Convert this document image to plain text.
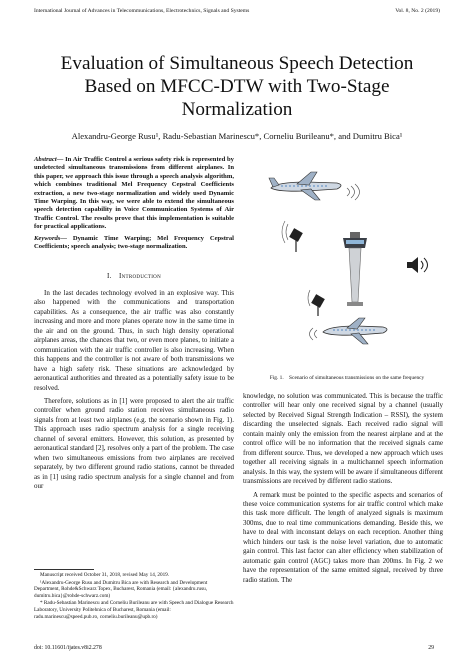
International Journal of Advances in Telecommunications, Electrotechnics, Signals and Systems	Vol. 8, No. 2 (2019)
Evaluation of Simultaneous Speech Detection Based on MFCC-DTW with Two-Stage Normalization
Alexandru-George Rusu¹, Radu-Sebastian Marinescu*, Corneliu Burileanu*, and Dumitru Bica¹
Abstract— In Air Traffic Control a serious safety risk is represented by undetected simultaneous transmissions from different airplanes. In this paper, we approach this issue through a speech analysis algorithm, which combines traditional Mel Frequency Cepstral Coefficients extraction, a new two-stage normalization and widely used Dynamic Time Warping. In this way, we were able to extend the simultaneous speech detection capability in Voice Communication Systems of Air Traffic Control. The results prove that this implementation is suitable for practical applications.
Keywords— Dynamic Time Warping; Mel Frequency Cepstral Coefficients; speech analysis; two-stage normalization.
I. Introduction

In the last decades technology evolved in an explosive way. This also happened with the communications and transportation capabilities. As a consequence, the air traffic was also constantly increasing and more and more planes operate now in the same time in the air and on the ground. Thus, in such high density operational airplanes areas, the chances that two, or even more planes, to initiate a communication with the air traffic controller is also increasing. When this happens and the controller is not aware of both transmissions we have a high safety risk. These situations are acknowledged by aeronautical authorities and threated as a potentially safety issue to be resolved.

Therefore, solutions as in [1] were proposed to alert the air traffic controller when ground radio station receives simultaneous radio signals from at least two airplanes (e.g. the scenario shown in Fig. 1). This approach uses radio spectrum analysis for a single receiving channel of several emitters. However, this solution, as presented by aeronautical standard [2], resolves only a part of the problem. The case when two simultaneous emissions from two airplanes are received separately, by two different ground radio stations, cannot be threaded as in [1] using radio spectrum analysis for a single channel and from our

Manuscript received October 31, 2018, revised May 14, 2019.

¹Alexandru-George Rusu and Dumitru Bica are with Research and Development Department, Rohde&Schwarz Topex, Bucharest, Romania (email: {alexandru.rusu, dumitru.bica}@rohde-schwarz.com)

* Radu-Sebastian Marinescu and Corneliu Burileanu are with Speech and Dialogue Research Laboratory, University Politehnica of Bucharest, Romania (email: radu.marinescu@speed.pub.ro, corneliu.burileanu@upb.ro)

Fig. 1. Scenario of simultaneous transmissions on the same frequency

knowledge, no solution was communicated. This is because the traffic controller will hear only one received signal by a channel (usually selected by Received Signal Strength Indication – RSSI), the system discarding the unselected signals. Each received radio signal will contain mainly only the emission from the nearest airplane and at the control office will be no information that the received signals came from different source. Thus, we developed a new approach which uses together all receiving signals in a multichannel speech information analysis. In this way, the system will be aware if simultaneous different transmissions are received by different radio stations.

A remark must be pointed to the specific aspects and scenarios of these voice communication systems for air traffic control which make this task more difficult. The length of analyzed signals is maximum 300ms, due to real time communications demanding. Beside this, we have to deal with inconstant delays on each reception. Another thing which hinders our task is the noise level variation, due to automatic gain control. This last factor can alter efficiency when stabilization of automatic gain control (AGC) takes more than 200ms. In Fig. 2 we have the representation of the same emitted signal, received by three radio station. The

doi: 10.11601/ijates.v8i2.278	29
